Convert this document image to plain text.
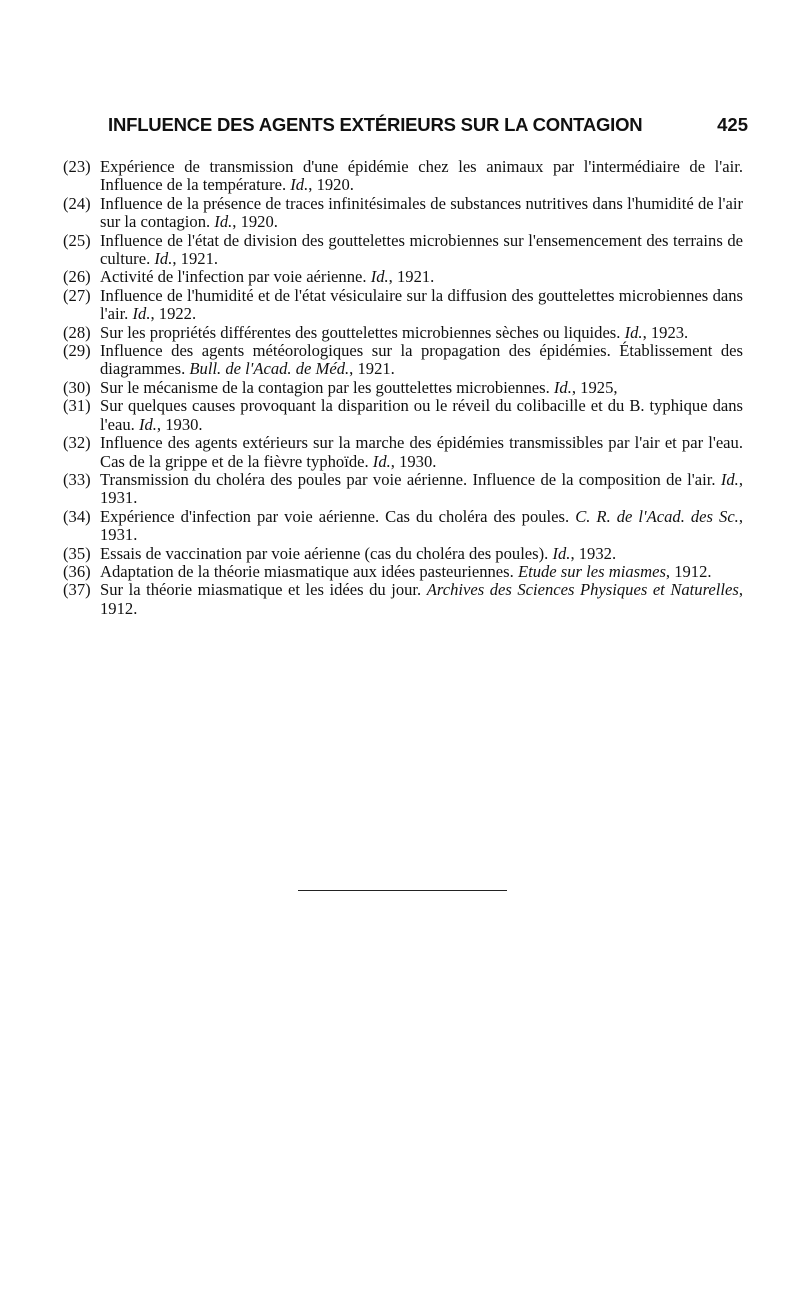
INFLUENCE DES AGENTS EXTÉRIEURS SUR LA CONTAGION	425
(23) Expérience de transmission d'une épidémie chez les animaux par l'intermédiaire de l'air. Influence de la température. Id., 1920.
(24) Influence de la présence de traces infinitésimales de substances nutritives dans l'humidité de l'air sur la contagion. Id., 1920.
(25) Influence de l'état de division des gouttelettes microbiennes sur l'ensemencement des terrains de culture. Id., 1921.
(26) Activité de l'infection par voie aérienne. Id., 1921.
(27) Influence de l'humidité et de l'état vésiculaire sur la diffusion des gouttelettes microbiennes dans l'air. Id., 1922.
(28) Sur les propriétés différentes des gouttelettes microbiennes sèches ou liquides. Id., 1923.
(29) Influence des agents météorologiques sur la propagation des épidémies. Établissement des diagrammes. Bull. de l'Acad. de Méd., 1921.
(30) Sur le mécanisme de la contagion par les gouttelettes microbiennes. Id., 1925,
(31) Sur quelques causes provoquant la disparition ou le réveil du colibacille et du B. typhique dans l'eau. Id., 1930.
(32) Influence des agents extérieurs sur la marche des épidémies transmissibles par l'air et par l'eau. Cas de la grippe et de la fièvre typhoïde. Id., 1930.
(33) Transmission du choléra des poules par voie aérienne. Influence de la composition de l'air. Id., 1931.
(34) Expérience d'infection par voie aérienne. Cas du choléra des poules. C. R. de l'Acad. des Sc., 1931.
(35) Essais de vaccination par voie aérienne (cas du choléra des poules). Id., 1932.
(36) Adaptation de la théorie miasmatique aux idées pasteuriennes. Etude sur les miasmes, 1912.
(37) Sur la théorie miasmatique et les idées du jour. Archives des Sciences Physiques et Naturelles, 1912.
